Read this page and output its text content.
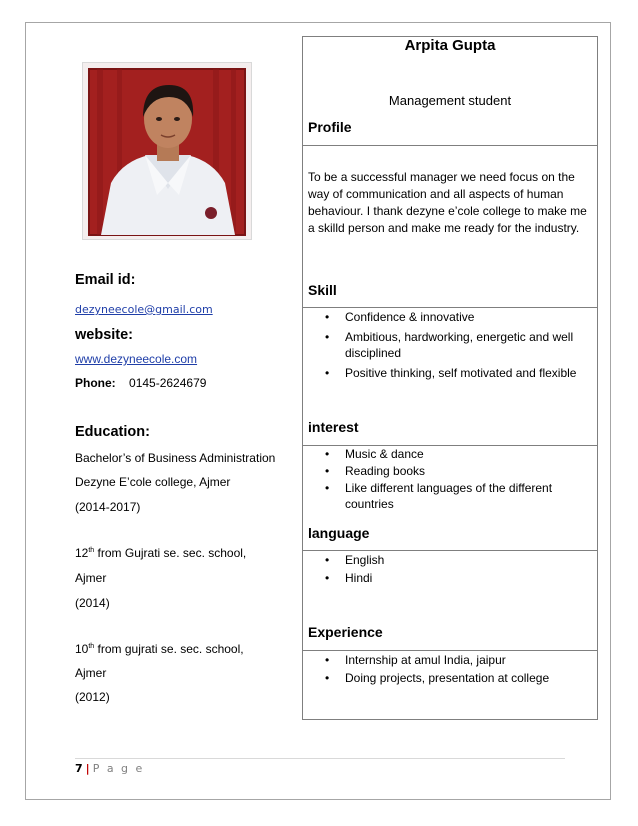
Email id:
dezyneecole@gmail.com
website:
www.dezyneecole.com
Phone: 0145-2624679
Education:
Bachelor’s of Business Administration
Dezyne E’cole college, Ajmer
(2014-2017)
12th from Gujrati se. sec. school,
Ajmer
(2014)
10th from gujrati se. sec. school,
Ajmer
(2012)
Arpita Gupta
Management student
Profile
To be a successful manager we need focus on the way of communication and all aspects of human behaviour. I thank dezyne e’cole college to make me a skilld person and make me ready for the industry.
Skill
• Confidence & innovative
• Ambitious, hardworking, energetic and well disciplined
• Positive thinking, self motivated and flexible
interest
• Music & dance
• Reading books
• Like different languages of the different countries
language
• English
• Hindi
Experience
• Internship at amul India, jaipur
• Doing projects, presentation at college
7 | P a g e
